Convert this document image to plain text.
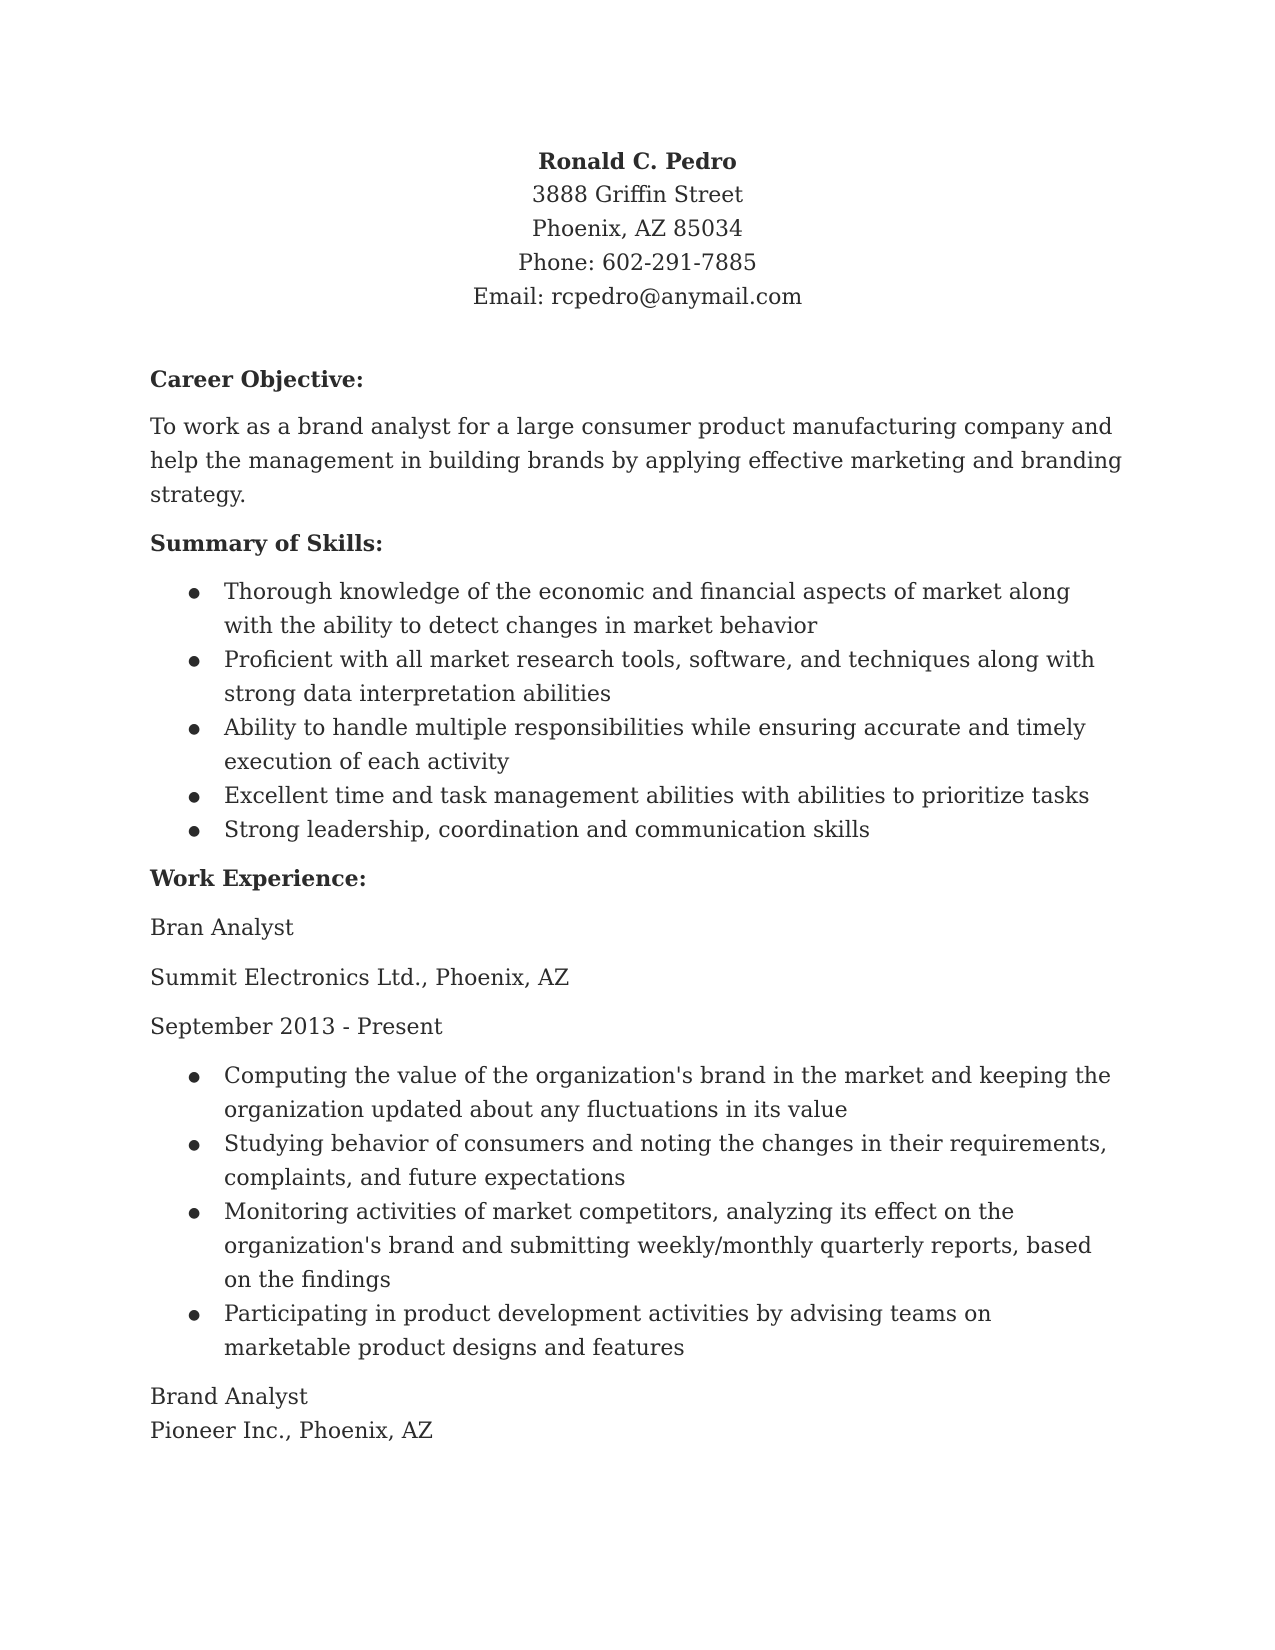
Ronald C. Pedro
3888 Griffin Street
Phoenix, AZ 85034
Phone: 602-291-7885
Email: rcpedro@anymail.com
Career Objective:

To work as a brand analyst for a large consumer product manufacturing company and help the management in building brands by applying effective marketing and branding strategy.

Summary of Skills:
● Thorough knowledge of the economic and financial aspects of market along with the ability to detect changes in market behavior
● Proficient with all market research tools, software, and techniques along with strong data interpretation abilities
● Ability to handle multiple responsibilities while ensuring accurate and timely execution of each activity
● Excellent time and task management abilities with abilities to prioritize tasks
● Strong leadership, coordination and communication skills
Work Experience:

Bran Analyst

Summit Electronics Ltd., Phoenix, AZ

September 2013 - Present

● Computing the value of the organization's brand in the market and keeping the organization updated about any fluctuations in its value
● Studying behavior of consumers and noting the changes in their requirements, complaints, and future expectations
● Monitoring activities of market competitors, analyzing its effect on the organization's brand and submitting weekly/monthly quarterly reports, based on the findings
● Participating in product development activities by advising teams on marketable product designs and features

Brand Analyst

Pioneer Inc., Phoenix, AZ
